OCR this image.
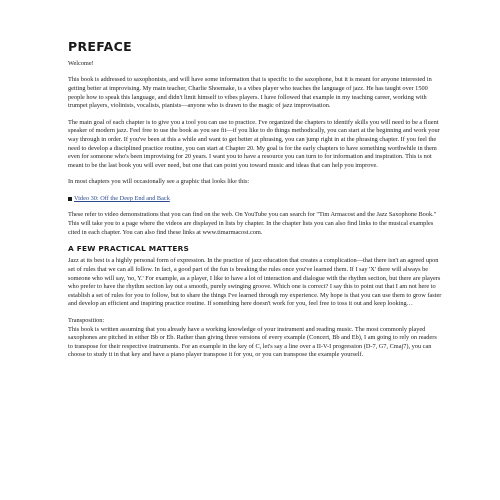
PREFACE

Welcome!

This book is addressed to saxophonists, and will have some information that is specific to the saxophone, but it is meant for anyone interested in getting better at improvising. My main teacher, Charlie Shoemake, is a vibes player who teaches the language of jazz. He has taught over 1500 people how to speak this language, and didn't limit himself to vibes players. I have followed that example in my teaching career, working with trumpet players, violinists, vocalists, pianists—anyone who is drawn to the magic of jazz improvisation.

The main goal of each chapter is to give you a tool you can use to practice. I've organized the chapters to identify skills you will need to be a fluent speaker of modern jazz. Feel free to use the book as you see fit—if you like to do things methodically, you can start at the beginning and work your way through in order. If you've been at this a while and want to get better at phrasing, you can jump right in at the phrasing chapter. If you feel the need to develop a disciplined practice routine, you can start at Chapter 20. My goal is for the early chapters to have something worthwhile in them even for someone who's been improvising for 20 years. I want you to have a resource you can turn to for information and inspiration. This is not meant to be the last book you will ever need, but one that can point you toward music and ideas that can help you improve.

In most chapters you will occasionally see a graphic that looks like this:

Video 30: Off the Deep End and Back

These refer to video demonstrations that you can find on the web. On YouTube you can search for "Tim Armacost and the Jazz Saxophone Book." This will take you to a page where the videos are displayed in lists by chapter. In the chapter lists you can also find links to the musical examples cited in each chapter. You can also find these links at www.timarmacost.com.

A FEW PRACTICAL MATTERS

Jazz at its best is a highly personal form of expression. In the practice of jazz education that creates a complication—that there isn't an agreed upon set of rules that we can all follow. In fact, a good part of the fun is breaking the rules once you've learned them. If I say 'X' there will always be someone who will say, 'no, Y.' For example, as a player, I like to have a lot of interaction and dialogue with the rhythm section, but there are players who prefer to have the rhythm section lay out a smooth, purely swinging groove. Which one is correct? I say this to point out that I am not here to establish a set of rules for you to follow, but to share the things I've learned through my experience. My hope is that you can use them to grow faster and develop an efficient and inspiring practice routine. If something here doesn't work for you, feel free to toss it out and keep looking…

Transposition:

This book is written assuming that you already have a working knowledge of your instrument and reading music. The most commonly played saxophones are pitched in either Bb or Eb. Rather than giving three versions of every example (Concert, Bb and Eb), I am going to rely on readers to transpose for their respective instruments. For an example in the key of C, let's say a line over a II-V-I progression (D-7, G7, Cmaj7), you can choose to study it in that key and have a piano player transpose it for you, or you can transpose the example yourself.
